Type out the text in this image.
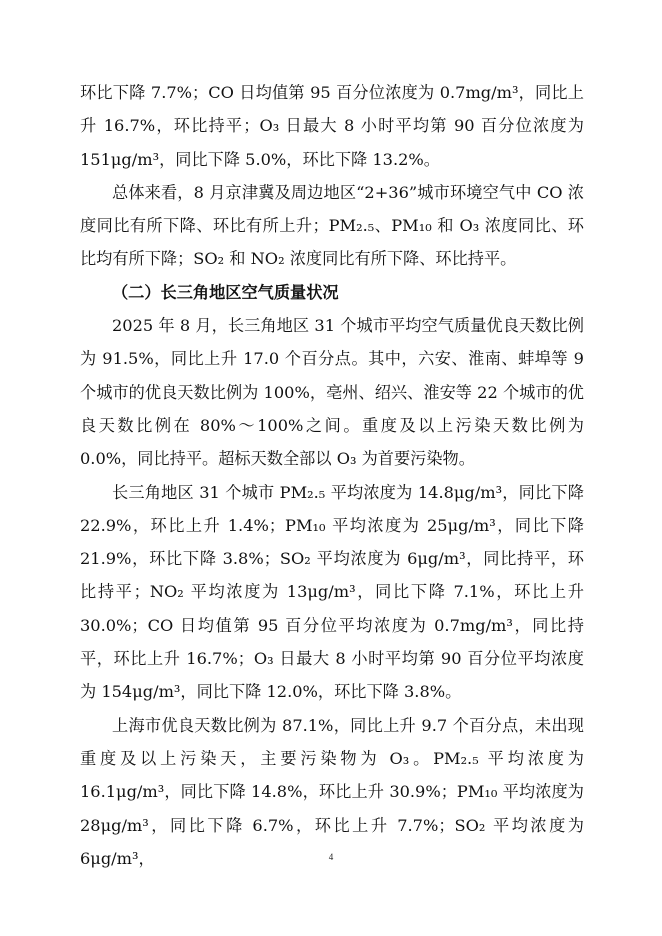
环比下降 7.7%；CO 日均值第 95 百分位浓度为 0.7mg/m³，同比上升 16.7%，环比持平；O₃ 日最大 8 小时平均第 90 百分位浓度为 151μg/m³，同比下降 5.0%，环比下降 13.2%。

总体来看，8 月京津冀及周边地区“2+36”城市环境空气中 CO 浓度同比有所下降、环比有所上升；PM₂.₅、PM₁₀ 和 O₃ 浓度同比、环比均有所下降；SO₂ 和 NO₂ 浓度同比有所下降、环比持平。

（二）长三角地区空气质量状况

2025 年 8 月，长三角地区 31 个城市平均空气质量优良天数比例为 91.5%，同比上升 17.0 个百分点。其中，六安、淮南、蚌埠等 9 个城市的优良天数比例为 100%，亳州、绍兴、淮安等 22 个城市的优良天数比例在 80%～100%之间。重度及以上污染天数比例为 0.0%，同比持平。超标天数全部以 O₃ 为首要污染物。

长三角地区 31 个城市 PM₂.₅ 平均浓度为 14.8μg/m³，同比下降 22.9%，环比上升 1.4%；PM₁₀ 平均浓度为 25μg/m³，同比下降 21.9%，环比下降 3.8%；SO₂ 平均浓度为 6μg/m³，同比持平，环比持平；NO₂ 平均浓度为 13μg/m³，同比下降 7.1%，环比上升 30.0%；CO 日均值第 95 百分位平均浓度为 0.7mg/m³，同比持平，环比上升 16.7%；O₃ 日最大 8 小时平均第 90 百分位平均浓度为 154μg/m³，同比下降 12.0%，环比下降 3.8%。

上海市优良天数比例为 87.1%，同比上升 9.7 个百分点，未出现重度及以上污染天，主要污染物为 O₃。PM₂.₅ 平均浓度为 16.1μg/m³，同比下降 14.8%，环比上升 30.9%；PM₁₀ 平均浓度为 28μg/m³，同比下降 6.7%，环比上升 7.7%；SO₂ 平均浓度为 6μg/m³，	4
